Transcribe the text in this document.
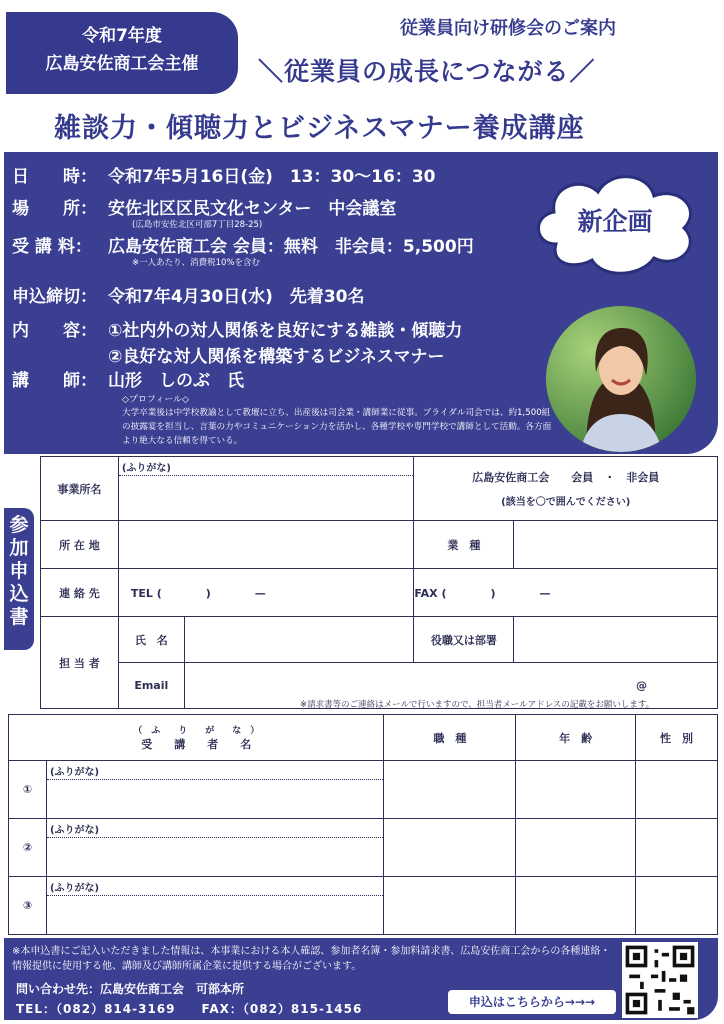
令和7年度
広島安佐商工会主催
従業員向け研修会のご案内
＼従業員の成長につながる／
雑談力・傾聴力とビジネスマナー養成講座
日　　時： 令和7年5月16日(金)　13：30～16：30
場　　所： 安佐北区区民文化センター　中会議室
(広島市安佐北区可部7丁目28-25)
受 講 料： 広島安佐商工会 会員：無料　非会員：5,500円
※一人あたり、消費税10%を含む
申込締切： 令和7年4月30日(水)　先着30名
内　　容： ①社内外の対人関係を良好にする雑談・傾聴力
②良好な対人関係を構築するビジネスマナー
講　　師： 山形　しのぶ　氏
◇プロフィール◇
大学卒業後は中学校教諭として教壇に立ち、出産後は司会業・講師業に従事。ブライダル司会では、約1,500組の披露宴を担当し、言葉の力やコミュニケーション力を活かし、各種学校や専門学校で講師として活動。各方面より絶大なる信頼を得ている。
新企画
参加申込書
事業所名	(ふりがな)		広島安佐商工会　　会員　・　非会員
(該当を〇で囲んでください)	

所 在 地			業　種	
連 絡 先	TEL (　　　　)　　　　—		FAX (　　　　)　　　　—	
担 当 者	氏　名		役職又は部署	
	Email	@		
※請求書等のご連絡はメールで行いますので、担当者メールアドレスの記載をお願いします。
（　ふ　　り　　が　　な　）
受　　講　　者　　名		職　種	年　齢	性　別
①	(ふりがな)			

②	(ふりがな)			

③	(ふりがな)			

※本申込書にご記入いただきました情報は、本事業における本人確認、参加者名簿・参加料請求書、広島安佐商工会からの各種連絡・情報提供に使用する他、講師及び講師所属企業に提供する場合がございます。
問い合わせ先：広島安佐商工会　可部本所
TEL：（082）814-3169　　FAX：（082）815-1456	申込はこちらから→→→
